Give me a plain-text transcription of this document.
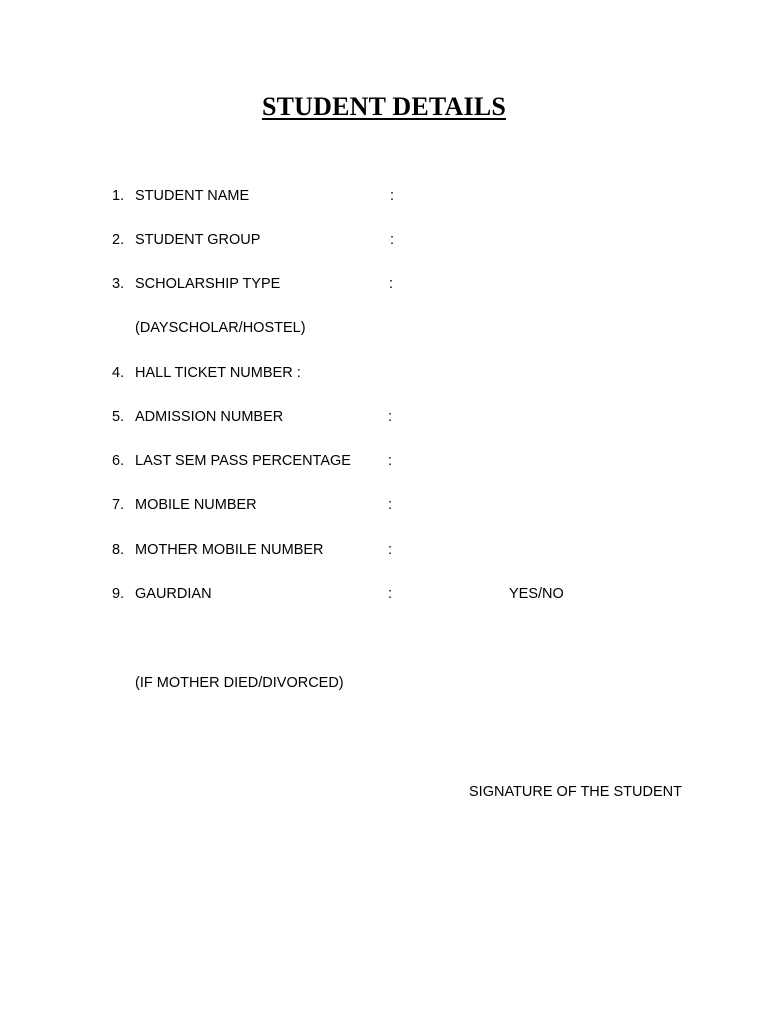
STUDENT DETAILS
1. STUDENT NAME	:
2. STUDENT GROUP	:
3. SCHOLARSHIP TYPE	:
(DAYSCHOLAR/HOSTEL)
4. HALL TICKET NUMBER :
5. ADMISSION NUMBER	:
6. LAST SEM PASS PERCENTAGE	:
7. MOBILE NUMBER	:
8. MOTHER MOBILE NUMBER	:
9. GAURDIAN	:	YES/NO
(IF MOTHER DIED/DIVORCED)
SIGNATURE OF THE STUDENT
